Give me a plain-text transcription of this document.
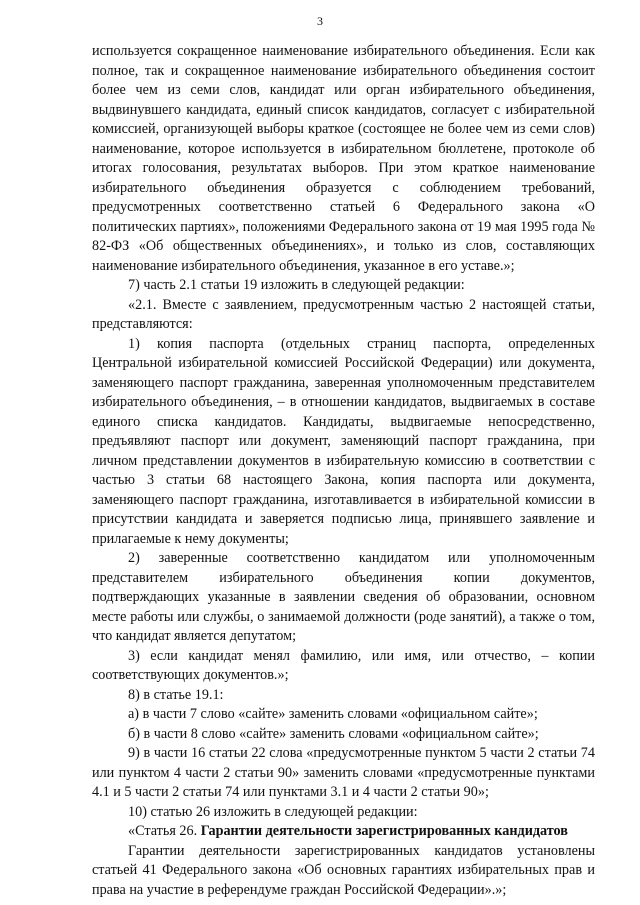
3

используется сокращенное наименование избирательного объединения. Если как полное, так и сокращенное наименование избирательного объединения состоит более чем из семи слов, кандидат или орган избирательного объединения, выдвинувшего кандидата, единый список кандидатов, согласует с избирательной комиссией, организующей выборы краткое (состоящее не более чем из семи слов) наименование, которое используется в избирательном бюллетене, протоколе об итогах голосования, результатах выборов. При этом краткое наименование избирательного объединения образуется с соблюдением требований, предусмотренных соответственно статьей 6 Федерального закона «О политических партиях», положениями Федерального закона от 19 мая 1995 года № 82-ФЗ «Об общественных объединениях», и только из слов, составляющих наименование избирательного объединения, указанное в его уставе.»;

7) часть 2.1 статьи 19 изложить в следующей редакции:

«2.1. Вместе с заявлением, предусмотренным частью 2 настоящей статьи, представляются:

1) копия паспорта (отдельных страниц паспорта, определенных Центральной избирательной комиссией Российской Федерации) или документа, заменяющего паспорт гражданина, заверенная уполномоченным представителем избирательного объединения, – в отношении кандидатов, выдвигаемых в составе единого списка кандидатов. Кандидаты, выдвигаемые непосредственно, предъявляют паспорт или документ, заменяющий паспорт гражданина, при личном представлении документов в избирательную комиссию в соответствии с частью 3 статьи 68 настоящего Закона, копия паспорта или документа, заменяющего паспорт гражданина, изготавливается в избирательной комиссии в присутствии кандидата и заверяется подписью лица, принявшего заявление и прилагаемые к нему документы;

2) заверенные соответственно кандидатом или уполномоченным представителем избирательного объединения копии документов, подтверждающих указанные в заявлении сведения об образовании, основном месте работы или службы, о занимаемой должности (роде занятий), а также о том, что кандидат является депутатом;

3) если кандидат менял фамилию, или имя, или отчество, – копии соответствующих документов.»;

8) в статье 19.1:

а) в части 7 слово «сайте» заменить словами «официальном сайте»;

б) в части 8 слово «сайте» заменить словами «официальном сайте»;

9) в части 16 статьи 22 слова «предусмотренные пунктом 5 части 2 статьи 74 или пунктом 4 части 2 статьи 90» заменить словами «предусмотренные пунктами 4.1 и 5 части 2 статьи 74 или пунктами 3.1 и 4 части 2 статьи 90»;

10) статью 26 изложить в следующей редакции:

«Статья 26. Гарантии деятельности зарегистрированных кандидатов

Гарантии деятельности зарегистрированных кандидатов установлены статьей 41 Федерального закона «Об основных гарантиях избирательных прав и права на участие в референдуме граждан Российской Федерации».»;
